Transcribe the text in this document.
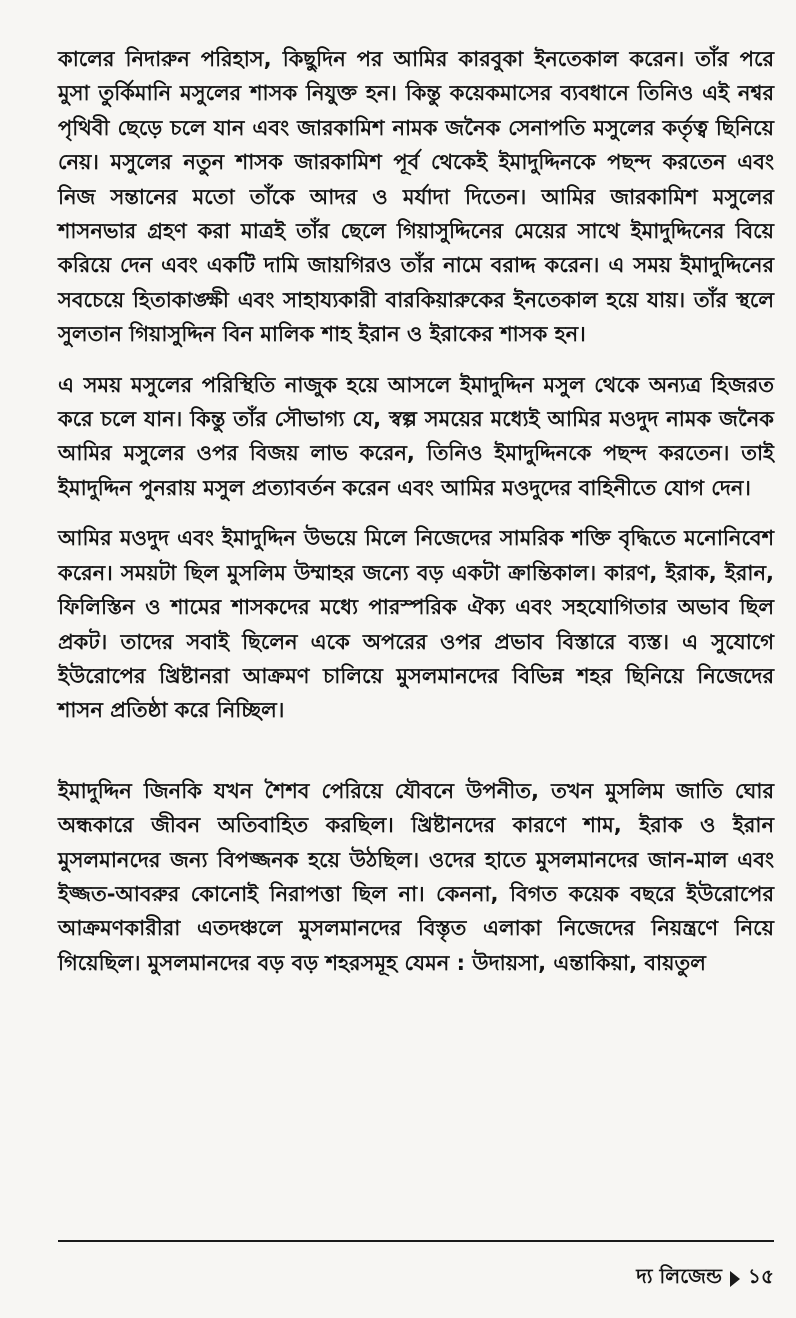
কালের নিদারুন পরিহাস, কিছুদিন পর আমির কারবুকা ইনতেকাল করেন। তাঁর পরে মুসা তুর্কিমানি মসুলের শাসক নিযুক্ত হন। কিন্তু কয়েকমাসের ব্যবধানে তিনিও এই নশ্বর পৃথিবী ছেড়ে চলে যান এবং জারকামিশ নামক জনৈক সেনাপতি মসুলের কর্তৃত্ব ছিনিয়ে নেয়। মসুলের নতুন শাসক জারকামিশ পূর্ব থেকেই ইমাদুদ্দিনকে পছন্দ করতেন এবং নিজ সন্তানের মতো তাঁকে আদর ও মর্যাদা দিতেন। আমির জারকামিশ মসুলের শাসনভার গ্রহণ করা মাত্রই তাঁর ছেলে গিয়াসুদ্দিনের মেয়ের সাথে ইমাদুদ্দিনের বিয়ে করিয়ে দেন এবং একটি দামি জায়গিরও তাঁর নামে বরাদ্দ করেন। এ সময় ইমাদুদ্দিনের সবচেয়ে হিতাকাঙ্ক্ষী এবং সাহায্যকারী বারকিয়ারুকের ইনতেকাল হয়ে যায়। তাঁর স্থলে সুলতান গিয়াসুদ্দিন বিন মালিক শাহ ইরান ও ইরাকের শাসক হন।

এ সময় মসুলের পরিস্থিতি নাজুক হয়ে আসলে ইমাদুদ্দিন মসুল থেকে অন্যত্র হিজরত করে চলে যান। কিন্তু তাঁর সৌভাগ্য যে, স্বল্প সময়ের মধ্যেই আমির মওদুদ নামক জনৈক আমির মসুলের ওপর বিজয় লাভ করেন, তিনিও ইমাদুদ্দিনকে পছন্দ করতেন। তাই ইমাদুদ্দিন পুনরায় মসুল প্রত্যাবর্তন করেন এবং আমির মওদুদের বাহিনীতে যোগ দেন।

আমির মওদুদ এবং ইমাদুদ্দিন উভয়ে মিলে নিজেদের সামরিক শক্তি বৃদ্ধিতে মনোনিবেশ করেন। সময়টা ছিল মুসলিম উম্মাহর জন্যে বড় একটা ক্রান্তিকাল। কারণ, ইরাক, ইরান, ফিলিস্তিন ও শামের শাসকদের মধ্যে পারস্পরিক ঐক্য এবং সহযোগিতার অভাব ছিল প্রকট। তাদের সবাই ছিলেন একে অপরের ওপর প্রভাব বিস্তারে ব্যস্ত। এ সুযোগে ইউরোপের খ্রিষ্টানরা আক্রমণ চালিয়ে মুসলমানদের বিভিন্ন শহর ছিনিয়ে নিজেদের শাসন প্রতিষ্ঠা করে নিচ্ছিল।

ইমাদুদ্দিন জিনকি যখন শৈশব পেরিয়ে যৌবনে উপনীত, তখন মুসলিম জাতি ঘোর অন্ধকারে জীবন অতিবাহিত করছিল। খ্রিষ্টানদের কারণে শাম, ইরাক ও ইরান মুসলমানদের জন্য বিপজ্জনক হয়ে উঠছিল। ওদের হাতে মুসলমানদের জান-মাল এবং ইজ্জত-আবরুর কোনোই নিরাপত্তা ছিল না। কেননা, বিগত কয়েক বছরে ইউরোপের আক্রমণকারীরা এতদঞ্চলে মুসলমানদের বিস্তৃত এলাকা নিজেদের নিয়ন্ত্রণে নিয়ে গিয়েছিল। মুসলমানদের বড় বড় শহরসমূহ যেমন : উদায়সা, এন্তাকিয়া, বায়তুল

দ্য লিজেন্ড ১৫
